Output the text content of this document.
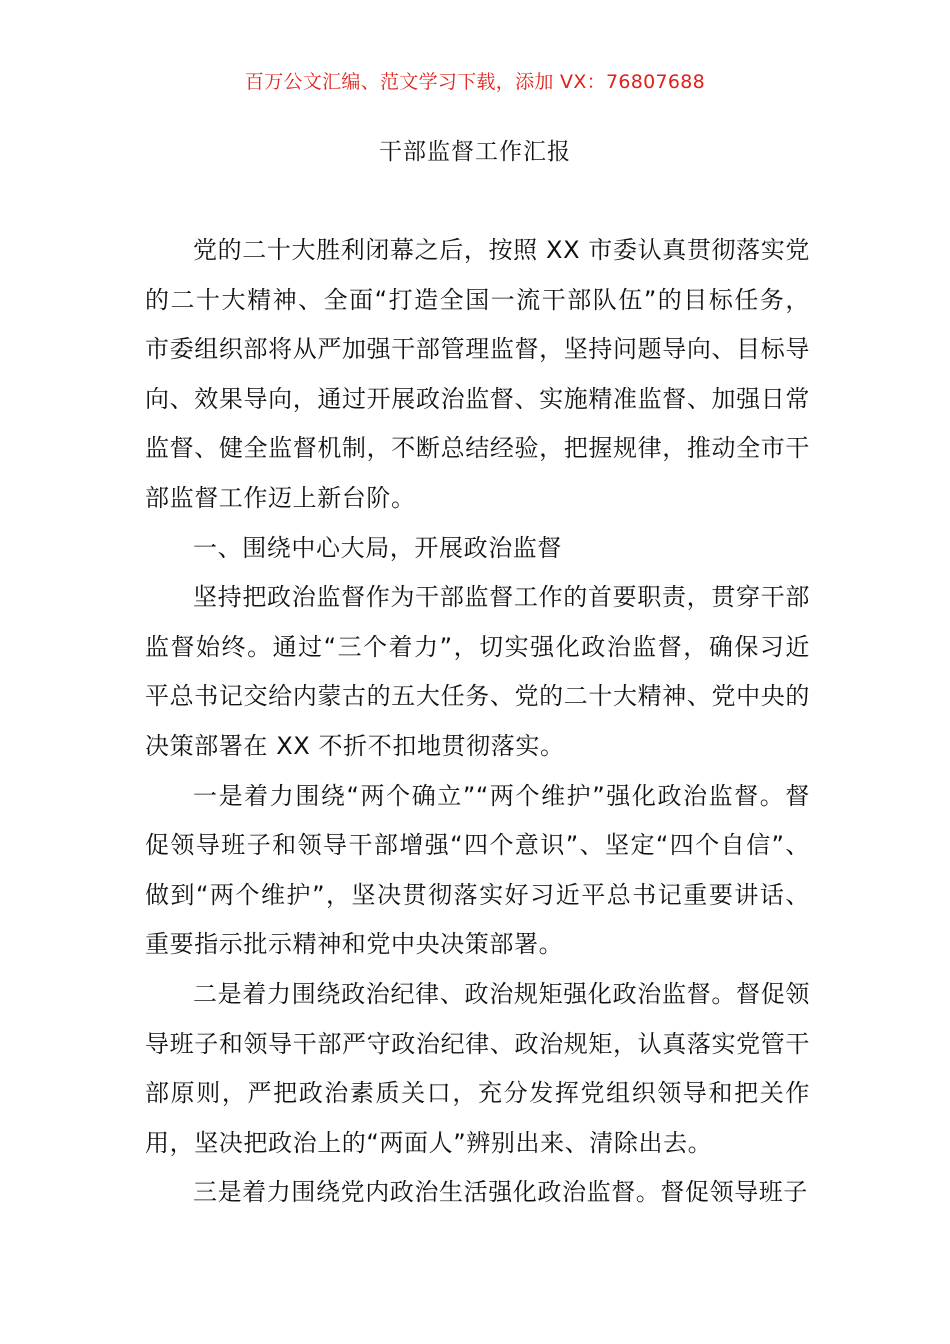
百万公文汇编、范文学习下载，添加 VX：76807688
干部监督工作汇报

党的二十大胜利闭幕之后，按照 XX 市委认真贯彻落实党的二十大精神、全面“打造全国一流干部队伍”的目标任务，市委组织部将从严加强干部管理监督，坚持问题导向、目标导向、效果导向，通过开展政治监督、实施精准监督、加强日常监督、健全监督机制，不断总结经验，把握规律，推动全市干部监督工作迈上新台阶。

一、围绕中心大局，开展政治监督

坚持把政治监督作为干部监督工作的首要职责，贯穿干部监督始终。通过“三个着力”，切实强化政治监督，确保习近平总书记交给内蒙古的五大任务、党的二十大精神、党中央的决策部署在 XX 不折不扣地贯彻落实。

一是着力围绕“两个确立”“两个维护”强化政治监督。督促领导班子和领导干部增强“四个意识”、坚定“四个自信”、做到“两个维护”，坚决贯彻落实好习近平总书记重要讲话、重要指示批示精神和党中央决策部署。

二是着力围绕政治纪律、政治规矩强化政治监督。督促领导班子和领导干部严守政治纪律、政治规矩，认真落实党管干部原则，严把政治素质关口，充分发挥党组织领导和把关作用，坚决把政治上的“两面人”辨别出来、清除出去。

三是着力围绕党内政治生活强化政治监督。督促领导班子
